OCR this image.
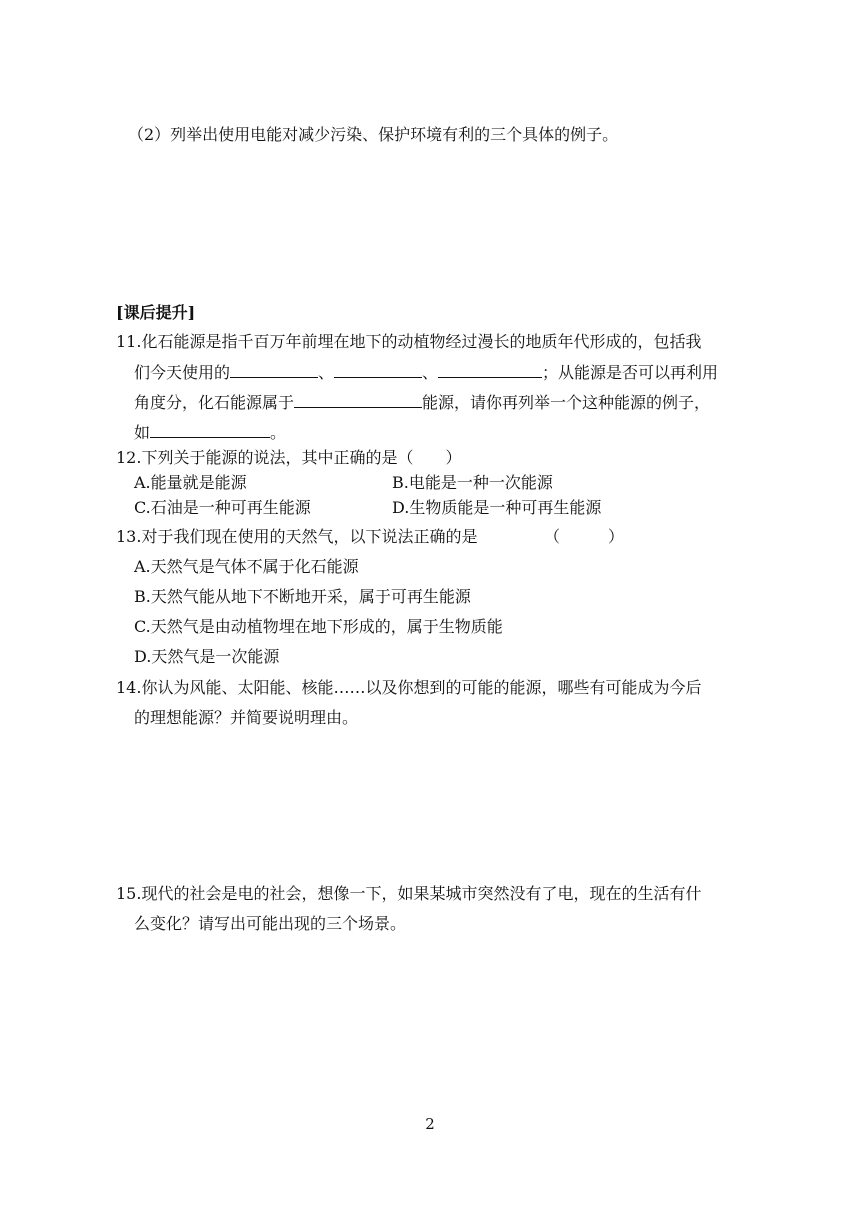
（2）列举出使用电能对减少污染、保护环境有利的三个具体的例子。
[课后提升]
11.化石能源是指千百万年前埋在地下的动植物经过漫长的地质年代形成的，包括我
们今天使用的	、	、	；从能源是否可以再利用
角度分，化石能源属于	能源，请你再列举一个这种能源的例子，
如	。
12.下列关于能源的说法，其中正确的是（　　）
A.能量就是能源	B.电能是一种一次能源
C.石油是一种可再生能源	D.生物质能是一种可再生能源
13.对于我们现在使用的天然气，以下说法正确的是	（　　　）
A.天然气是气体不属于化石能源
B.天然气能从地下不断地开采，属于可再生能源
C.天然气是由动植物埋在地下形成的，属于生物质能
D.天然气是一次能源
14.你认为风能、太阳能、核能……以及你想到的可能的能源，哪些有可能成为今后
的理想能源？并简要说明理由。
15.现代的社会是电的社会，想像一下，如果某城市突然没有了电，现在的生活有什
么变化？请写出可能出现的三个场景。
2
